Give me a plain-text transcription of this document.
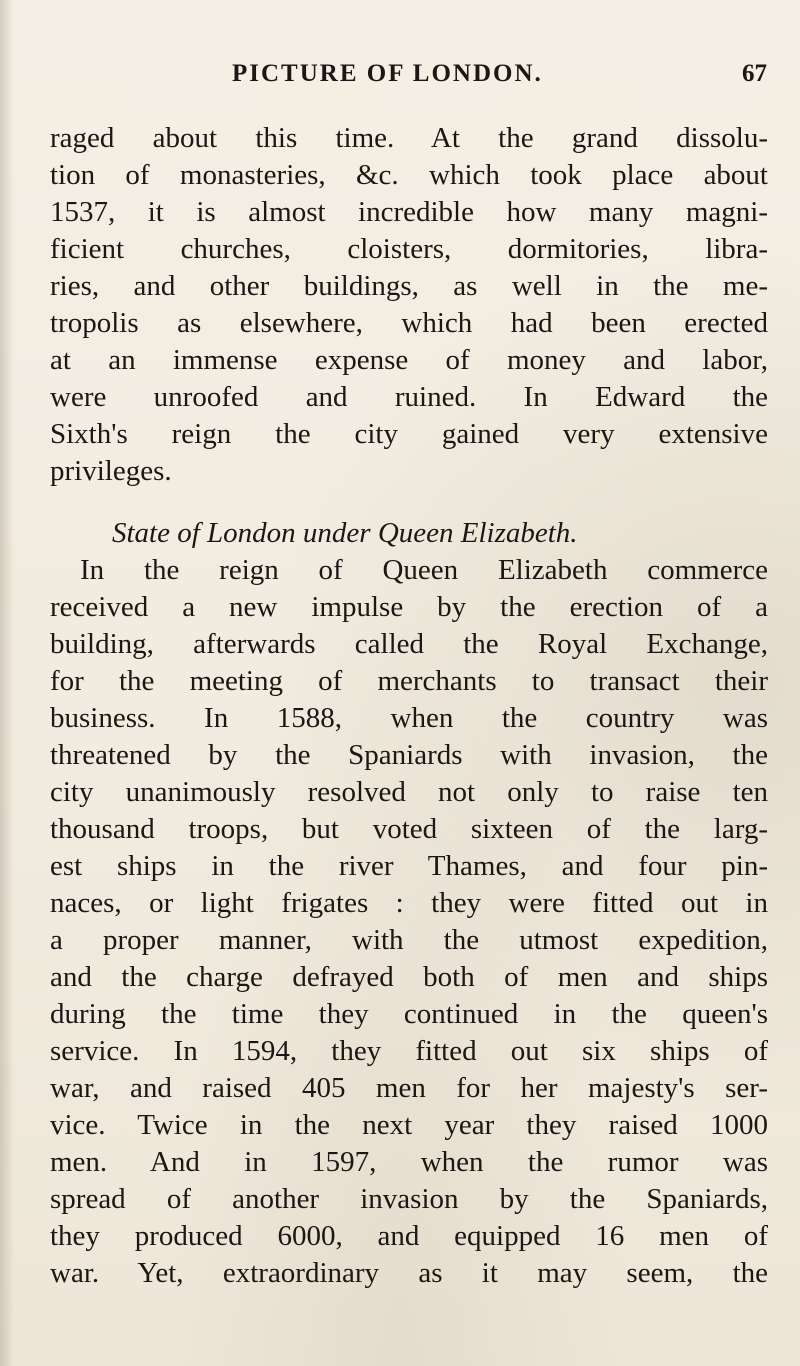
PICTURE OF LONDON.	67
raged about this time. At the grand dissolu-
tion of monasteries, &c. which took place about
1537, it is almost incredible how many magni-
ficient churches, cloisters, dormitories, libra-
ries, and other buildings, as well in the me-
tropolis as elsewhere, which had been erected
at an immense expense of money and labor,
were unroofed and ruined. In Edward the
Sixth's reign the city gained very extensive
privileges.
State of London under Queen Elizabeth.
In the reign of Queen Elizabeth commerce
received a new impulse by the erection of a
building, afterwards called the Royal Exchange,
for the meeting of merchants to transact their
business. In 1588, when the country was
threatened by the Spaniards with invasion, the
city unanimously resolved not only to raise ten
thousand troops, but voted sixteen of the larg-
est ships in the river Thames, and four pin-
naces, or light frigates : they were fitted out in
a proper manner, with the utmost expedition,
and the charge defrayed both of men and ships
during the time they continued in the queen's
service. In 1594, they fitted out six ships of
war, and raised 405 men for her majesty's ser-
vice. Twice in the next year they raised 1000
men. And in 1597, when the rumor was
spread of another invasion by the Spaniards,
they produced 6000, and equipped 16 men of
war. Yet, extraordinary as it may seem, the
